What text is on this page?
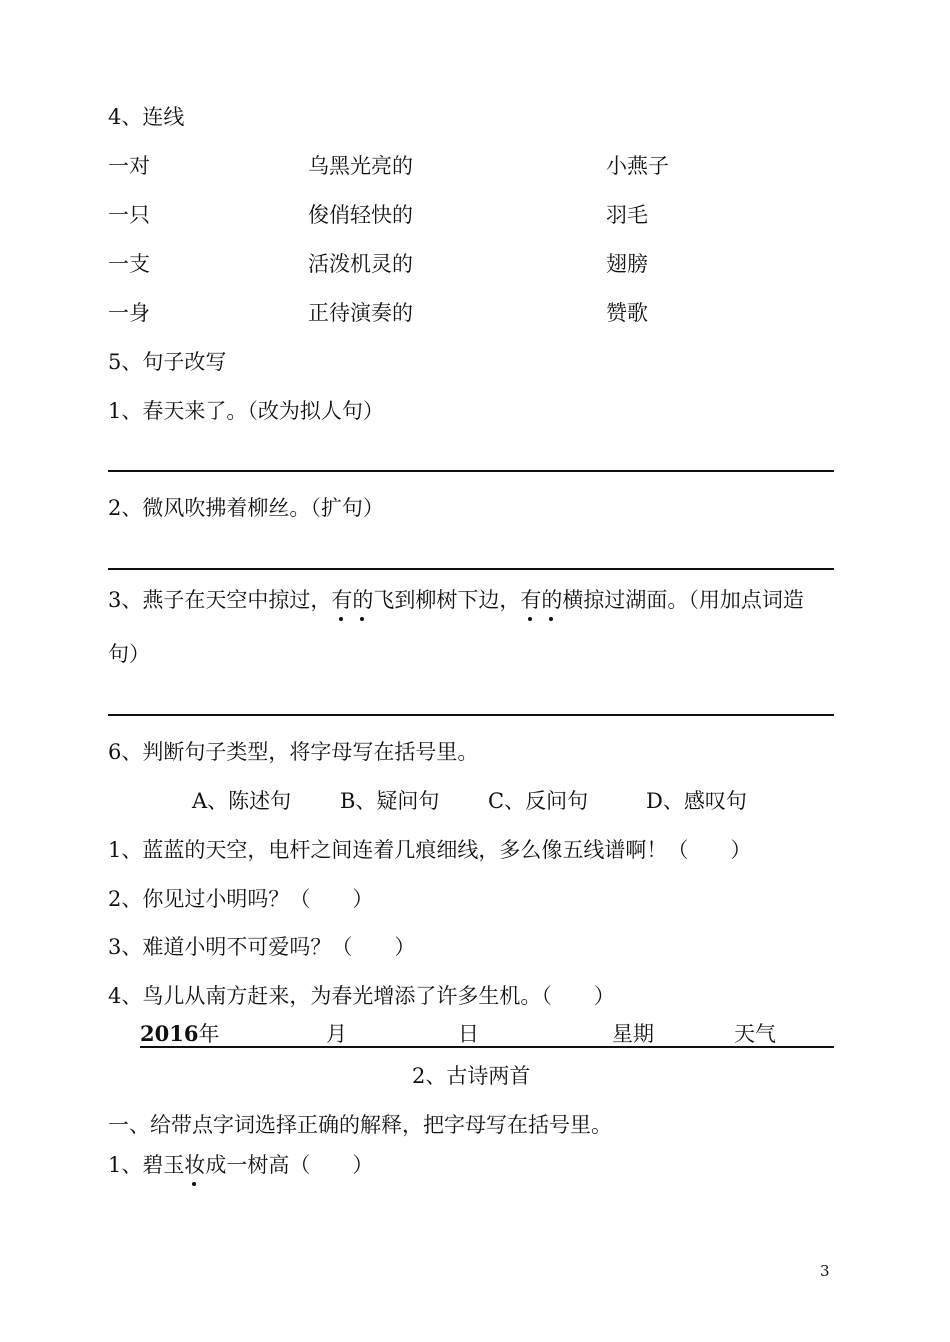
4、连线
一对	乌黑光亮的	小燕子
一只	俊俏轻快的	羽毛
一支	活泼机灵的	翅膀
一身	正待演奏的	赞歌
5、句子改写
1、春天来了。（改为拟人句）
2、微风吹拂着柳丝。（扩句）
3、燕子在天空中掠过，有的
飞到柳树下边，有的
横掠过湖面。（用加点词造
句）
6、判断句子类型，将字母写在括号里。
A、陈述句 B、疑问句 C、反问句	D、感叹句
1、蓝蓝的天空，电杆之间连着几痕细线，多么像五线谱啊！（　　）
2、你见过小明吗？（　　）
3、难道小明不可爱吗？（　　）
4、鸟儿从南方赶来，为春光增添了许多生机。（　　）
2016年	月	日	星期	天气
2、古诗两首
一、给带点字词选择正确的解释，把字母写在括号里。
1、碧玉妆
成一树高（　　）
3
